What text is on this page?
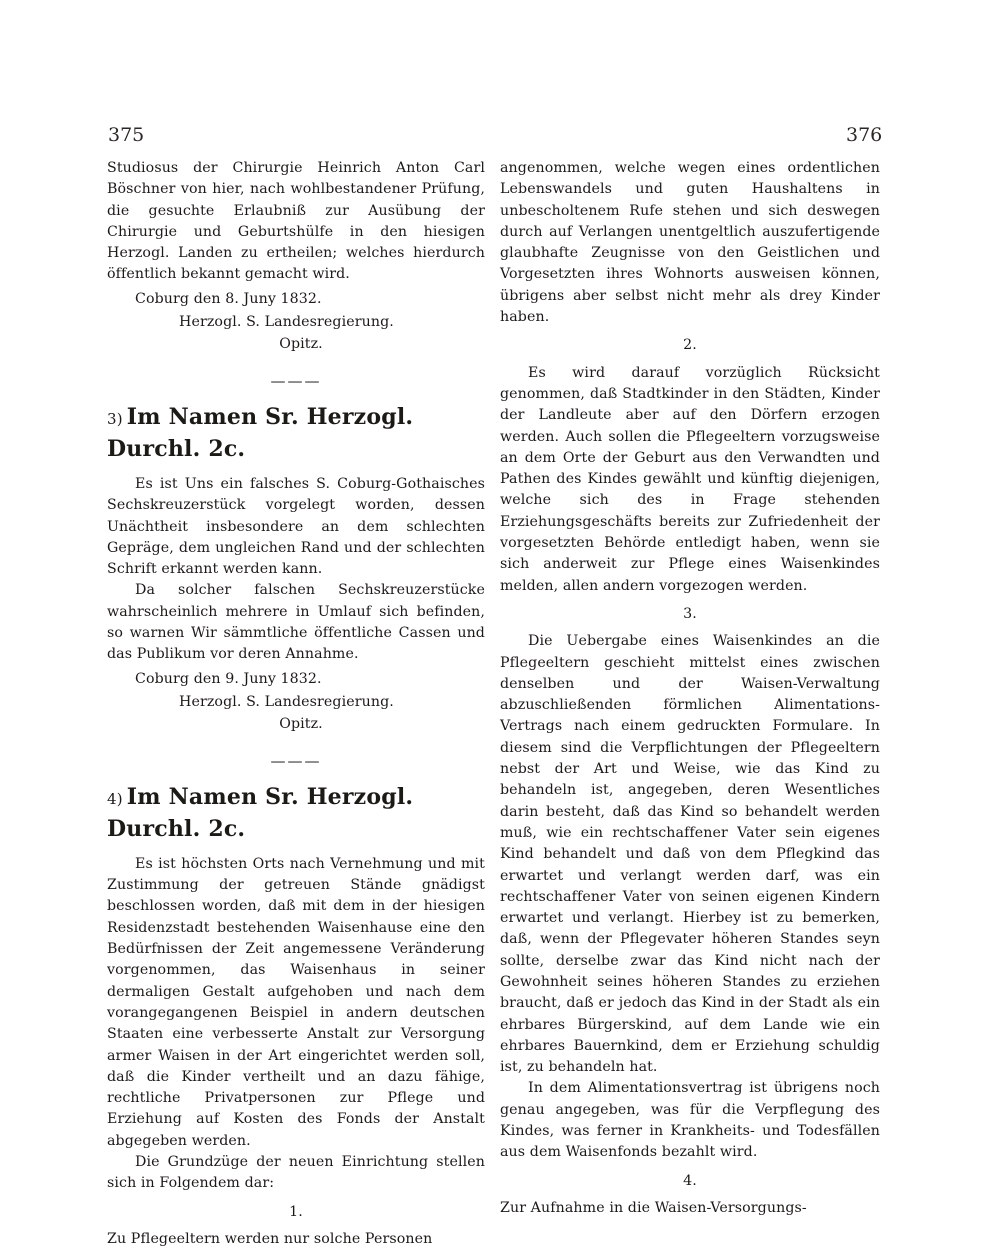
375	376

Studiosus der Chirurgie Heinrich Anton Carl Böschner von hier, nach wohlbestandener Prüfung, die gesuchte Erlaubniß zur Ausübung der Chirurgie und Geburtshülfe in den hiesigen Herzogl. Landen zu ertheilen; welches hierdurch öffentlich bekannt gemacht wird.

Coburg den 8. Juny 1832.

Herzogl. S. Landesregierung.

Opitz.

———

3) Im Namen Sr. Herzogl. Durchl. 2c.

Es ist Uns ein falsches S. Coburg-Gothaisches Sechskreuzerstück vorgelegt worden, dessen Unächtheit insbesondere an dem schlechten Gepräge, dem ungleichen Rand und der schlechten Schrift erkannt werden kann.

Da solcher falschen Sechskreuzerstücke wahrscheinlich mehrere in Umlauf sich befinden, so warnen Wir sämmtliche öffentliche Cassen und das Publikum vor deren Annahme.

Coburg den 9. Juny 1832.

Herzogl. S. Landesregierung.

Opitz.

———

4) Im Namen Sr. Herzogl. Durchl. 2c.

Es ist höchsten Orts nach Vernehmung und mit Zustimmung der getreuen Stände gnädigst beschlossen worden, daß mit dem in der hiesigen Residenzstadt bestehenden Waisenhause eine den Bedürfnissen der Zeit angemessene Veränderung vorgenommen, das Waisenhaus in seiner dermaligen Gestalt aufgehoben und nach dem vorangegangenen Beispiel in andern deutschen Staaten eine verbesserte Anstalt zur Versorgung armer Waisen in der Art eingerichtet werden soll, daß die Kinder vertheilt und an dazu fähige, rechtliche Privatpersonen zur Pflege und Erziehung auf Kosten des Fonds der Anstalt abgegeben werden.

Die Grundzüge der neuen Einrichtung stellen sich in Folgendem dar:

1.

Zu Pflegeeltern werden nur solche Personen

angenommen, welche wegen eines ordentlichen Lebenswandels und guten Haushaltens in unbescholtenem Rufe stehen und sich deswegen durch auf Verlangen unentgeltlich auszufertigende glaubhafte Zeugnisse von den Geistlichen und Vorgesetzten ihres Wohnorts ausweisen können, übrigens aber selbst nicht mehr als drey Kinder haben.

2.

Es wird darauf vorzüglich Rücksicht genommen, daß Stadtkinder in den Städten, Kinder der Landleute aber auf den Dörfern erzogen werden. Auch sollen die Pflegeeltern vorzugsweise an dem Orte der Geburt aus den Verwandten und Pathen des Kindes gewählt und künftig diejenigen, welche sich des in Frage stehenden Erziehungsgeschäfts bereits zur Zufriedenheit der vorgesetzten Behörde entledigt haben, wenn sie sich anderweit zur Pflege eines Waisenkindes melden, allen andern vorgezogen werden.

3.

Die Uebergabe eines Waisenkindes an die Pflegeeltern geschieht mittelst eines zwischen denselben und der Waisen-Verwaltung abzuschließenden förmlichen Alimentations-Vertrags nach einem gedruckten Formulare. In diesem sind die Verpflichtungen der Pflegeeltern nebst der Art und Weise, wie das Kind zu behandeln ist, angegeben, deren Wesentliches darin besteht, daß das Kind so behandelt werden muß, wie ein rechtschaffener Vater sein eigenes Kind behandelt und daß von dem Pflegkind das erwartet und verlangt werden darf, was ein rechtschaffener Vater von seinen eigenen Kindern erwartet und verlangt. Hierbey ist zu bemerken, daß, wenn der Pflegevater höheren Standes seyn sollte, derselbe zwar das Kind nicht nach der Gewohnheit seines höheren Standes zu erziehen braucht, daß er jedoch das Kind in der Stadt als ein ehrbares Bürgerskind, auf dem Lande wie ein ehrbares Bauernkind, dem er Erziehung schuldig ist, zu behandeln hat.

In dem Alimentationsvertrag ist übrigens noch genau angegeben, was für die Verpflegung des Kindes, was ferner in Krankheits- und Todesfällen aus dem Waisenfonds bezahlt wird.

4.

Zur Aufnahme in die Waisen-Versorgungs-
